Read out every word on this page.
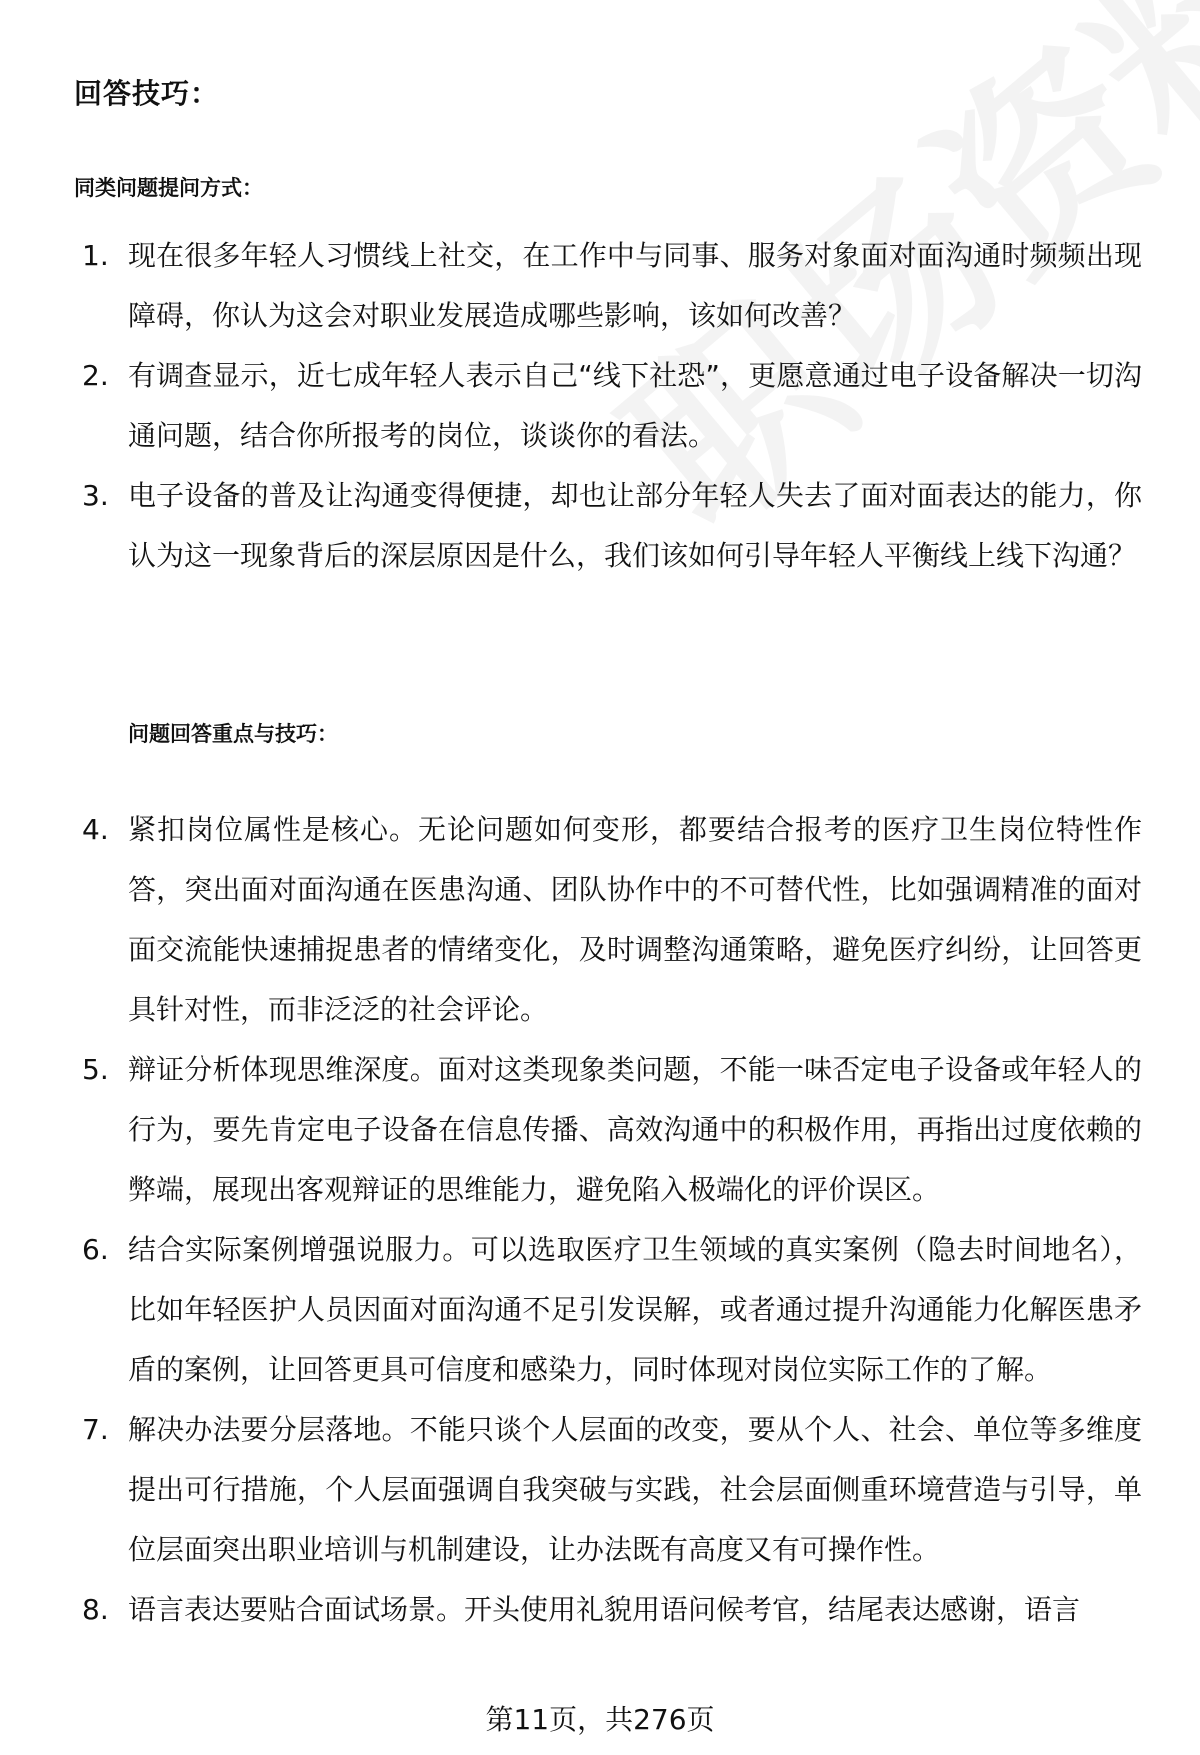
回答技巧：
同类问题提问方式：
1. 现在很多年轻人习惯线上社交，在工作中与同事、服务对象面对面沟通时频频出现障碍，你认为这会对职业发展造成哪些影响，该如何改善？
2. 有调查显示，近七成年轻人表示自己“线下社恐”，更愿意通过电子设备解决一切沟通问题，结合你所报考的岗位，谈谈你的看法。
3. 电子设备的普及让沟通变得便捷，却也让部分年轻人失去了面对面表达的能力，你认为这一现象背后的深层原因是什么，我们该如何引导年轻人平衡线上线下沟通？
问题回答重点与技巧：
4. 紧扣岗位属性是核心。无论问题如何变形，都要结合报考的医疗卫生岗位特性作答，突出面对面沟通在医患沟通、团队协作中的不可替代性，比如强调精准的面对面交流能快速捕捉患者的情绪变化，及时调整沟通策略，避免医疗纠纷，让回答更具针对性，而非泛泛的社会评论。
5. 辩证分析体现思维深度。面对这类现象类问题，不能一味否定电子设备或年轻人的行为，要先肯定电子设备在信息传播、高效沟通中的积极作用，再指出过度依赖的弊端，展现出客观辩证的思维能力，避免陷入极端化的评价误区。
6. 结合实际案例增强说服力。可以选取医疗卫生领域的真实案例（隐去时间地名），比如年轻医护人员因面对面沟通不足引发误解，或者通过提升沟通能力化解医患矛盾的案例，让回答更具可信度和感染力，同时体现对岗位实际工作的了解。
7. 解决办法要分层落地。不能只谈个人层面的改变，要从个人、社会、单位等多维度提出可行措施，个人层面强调自我突破与实践，社会层面侧重环境营造与引导，单位层面突出职业培训与机制建设，让办法既有高度又有可操作性。
8. 语言表达要贴合面试场景。开头使用礼貌用语问候考官，结尾表达感谢，语言
第11页，共276页
